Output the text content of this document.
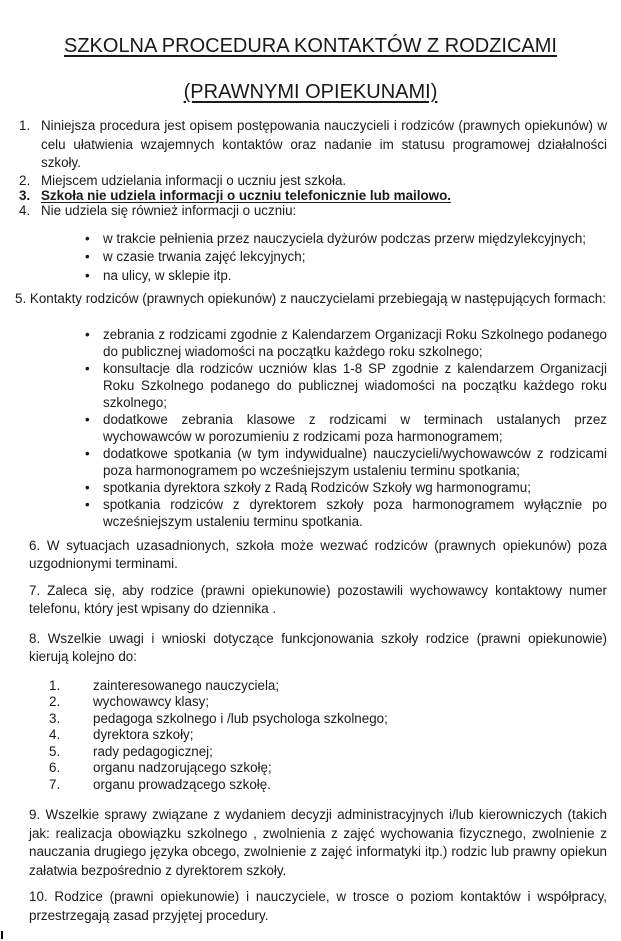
SZKOLNA PROCEDURA KONTAKTÓW Z RODZICAMI
(PRAWNYMI OPIEKUNAMI)
1. Niniejsza procedura jest opisem postępowania nauczycieli i rodziców (prawnych opiekunów) w celu ułatwienia wzajemnych kontaktów oraz nadanie im statusu programowej działalności szkoły.
2. Miejscem udzielania informacji o uczniu jest szkoła.
3. Szkoła nie udziela informacji o uczniu telefonicznie lub mailowo.
4. Nie udziela się również informacji o uczniu:
• w trakcie pełnienia przez nauczyciela dyżurów podczas przerw międzylekcyjnych;
• w czasie trwania zajęć lekcyjnych;
• na ulicy, w sklepie itp.

5. Kontakty rodziców (prawnych opiekunów) z nauczycielami przebiegają w następujących formach:

• zebrania z rodzicami zgodnie z Kalendarzem Organizacji Roku Szkolnego podanego do publicznej wiadomości na początku każdego roku szkolnego;
• konsultacje dla rodziców uczniów klas 1-8 SP zgodnie z kalendarzem Organizacji Roku Szkolnego podanego do publicznej wiadomości na początku każdego roku szkolnego;
• dodatkowe zebrania klasowe z rodzicami w terminach ustalanych przez wychowawców w porozumieniu z rodzicami poza harmonogramem;
• dodatkowe spotkania (w tym indywidualne) nauczycieli/wychowawców z rodzicami poza harmonogramem po wcześniejszym ustaleniu terminu spotkania;
• spotkania dyrektora szkoły z Radą Rodziców Szkoły wg harmonogramu;
• spotkania rodziców z dyrektorem szkoły poza harmonogramem wyłącznie po wcześniejszym ustaleniu terminu spotkania.

6. W sytuacjach uzasadnionych, szkoła może wezwać rodziców (prawnych opiekunów) poza uzgodnionymi terminami.

7. Zaleca się, aby rodzice (prawni opiekunowie) pozostawili wychowawcy kontaktowy numer telefonu, który jest wpisany do dziennika .

8. Wszelkie uwagi i wnioski dotyczące funkcjonowania szkoły rodzice (prawni opiekunowie) kierują kolejno do:

1. zainteresowanego nauczyciela;
2. wychowawcy klasy;
3. pedagoga szkolnego i /lub psychologa szkolnego;
4. dyrektora szkoły;
5. rady pedagogicznej;
6. organu nadzorującego szkołę;
7. organu prowadzącego szkołę.

9. Wszelkie sprawy związane z wydaniem decyzji administracyjnych i/lub kierowniczych (takich jak: realizacja obowiązku szkolnego , zwolnienia z zajęć wychowania fizycznego, zwolnienie z nauczania drugiego języka obcego, zwolnienie z zajęć informatyki itp.) rodzic lub prawny opiekun załatwia bezpośrednio z dyrektorem szkoły.

10. Rodzice (prawni opiekunowie) i nauczyciele, w trosce o poziom kontaktów i współpracy, przestrzegają zasad przyjętej procedury.
